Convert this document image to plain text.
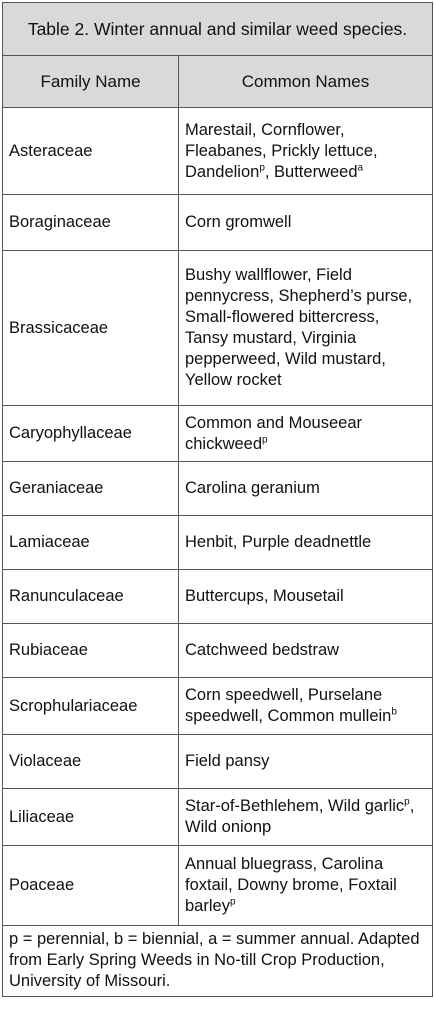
Table 2. Winter annual and similar weed species.	
Family Name	Common Names
Asteraceae	Marestail, Cornflower, Fleabanes, Prickly lettuce, Dandelion$^p$, Butterweed$^a$
Boraginaceae	Corn gromwell
Brassicaceae	Bushy wallflower, Field pennycress, Shepherd’s purse, Small-flowered bittercress, Tansy mustard, Virginia pepperweed, Wild mustard, Yellow rocket
Caryophyllaceae	Common and Mouseear chickweed$^p$
Geraniaceae	Carolina geranium
Lamiaceae	Henbit, Purple deadnettle
Ranunculaceae	Buttercups, Mousetail
Rubiaceae	Catchweed bedstraw
Scrophulariaceae	Corn speedwell, Purselane speedwell, Common mullein$^b$
Violaceae	Field pansy
Liliaceae	Star-of-Bethlehem, Wild garlic$^p$, Wild onionp
Poaceae	Annual bluegrass, Carolina foxtail, Downy brome, Foxtail barley$^p$
p = perennial, b = biennial, a = summer annual. Adapted from Early Spring Weeds in No-till Crop Production, University of Missouri.	
